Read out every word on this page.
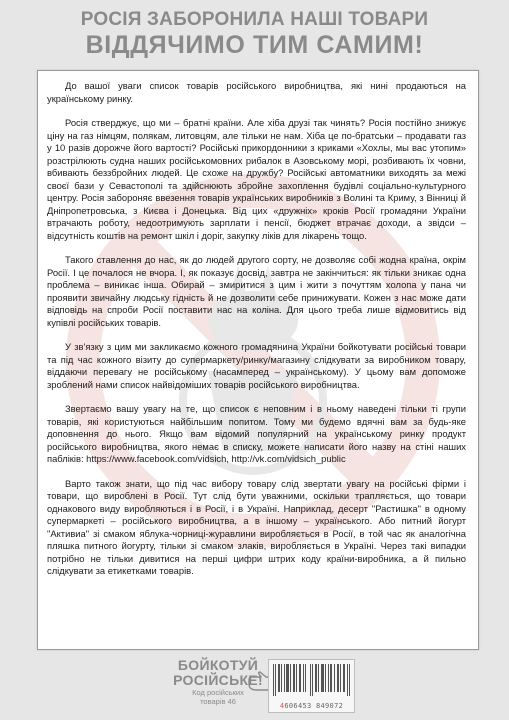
РОСІЯ ЗАБОРОНИЛА НАШІ ТОВАРИ
ВІДДЯЧИМО ТИМ САМИМ!

До вашої уваги список товарів російського виробництва, які нині продаються на українському ринку.

Росія стверджує, що ми – братні країни. Але хіба друзі так чинять? Росія постійно знижує ціну на газ німцям, полякам, литовцям, але тільки не нам. Хіба це по-братськи – продавати газ у 10 разів дорожче його вартості? Російські прикордонники з криками «Хохлы, мы вас утопим» розстрілюють судна наших російськомовних рибалок в Азовському морі, розбивають їх човни, вбивають беззбройних людей. Це схоже на дружбу? Російські автоматники виходять за межі своєї бази у Севастополі та здійснюють збройне захоплення будівлі соціально-культурного центру. Росія забороняє ввезення товарів українських виробників з Волині та Криму, з Вінниці й Дніпропетровська, з Києва і Донецька. Від цих «дружніх» кроків Росії громадяни України втрачають роботу, недоотримують зарплати і пенсії, бюджет втрачає доходи, а звідси – відсутність коштів на ремонт шкіл і доріг, закупку ліків для лікарень тощо.

Такого ставлення до нас, як до людей другого сорту, не дозволяє собі жодна країна, окрім Росії. І це почалося не вчора. І, як показує досвід, завтра не закінчиться: як тільки зникає одна проблема – виникає інша. Обирай – змиритися з цим і жити з почуттям холопа у пана чи проявити звичайну людську гідність й не дозволити себе принижувати. Кожен з нас може дати відповідь на спроби Росії поставити нас на коліна. Для цього треба лише відмовитись від купівлі російських товарів.

У зв'язку з цим ми закликаємо кожного громадянина України бойкотувати російські товари та під час кожного візиту до супермаркету/ринку/магазину слідкувати за виробником товару, віддаючи перевагу не російському (насамперед – українському). У цьому вам допоможе зроблений нами список найвідоміших товарів російського виробництва.

Звертаємо вашу увагу на те, що список є неповним і в ньому наведені тільки ті групи товарів, які користуються найбільшим попитом. Тому ми будемо вдячні вам за будь-яке доповнення до нього. Якщо вам відомий популярний на українському ринку продукт російського виробництва, якого немає в списку, можете написати його назву на стіні наших пабліків: https://www.facebook.com/vidsich, http://vk.com/vidsich_public

Варто також знати, що під час вибору товару слід звертати увагу на російські фірми і товари, що вироблені в Росії. Тут слід бути уважними, оскільки трапляється, що товари однакового виду виробляються і в Росії, і в Україні. Наприклад, десерт "Растишка" в одному супермаркеті – російського виробництва, а в іншому – українського. Або питний йогурт "Активиа" зі смаком яблука-чорниці-журавлини виробляється в Росії, в той час як аналогічна пляшка питного йогурту, тільки зі смаком злаків, виробляється в Україні. Через такі випадки потрібно не тільки дивитися на перші цифри штрих коду країни-виробника, а й пильно слідкувати за етикетками товарів.

БОЙКОТУЙ
РОСІЙСЬКЕ!
Код російських
товарів 46	4606453 849072
